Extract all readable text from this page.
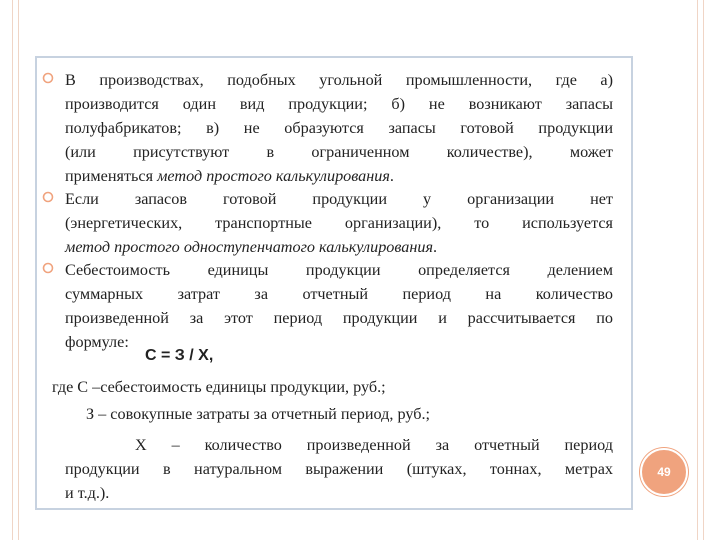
В производствах, подобных угольной промышленности, где а)
производится один вид продукции; б) не возникают запасы
полуфабрикатов; в) не образуются запасы готовой продукции
(или присутствуют в ограниченном количестве), может
применяться метод простого калькулирования.
Если запасов готовой продукции у организации нет
(энергетических, транспортные организации), то используется
метод простого одноступенчатого калькулирования.
Себестоимость единицы продукции определяется делением
суммарных затрат за отчетный период на количество
произведенной за этот период продукции и рассчитывается по
формуле:
С = З / Х,
где С –себестоимость единицы продукции, руб.;
З – совокупные затраты за отчетный период, руб.;
Х – количество произведенной за отчетный период
продукции в натуральном выражении (штуках, тоннах, метрах
и т.д.).
49
